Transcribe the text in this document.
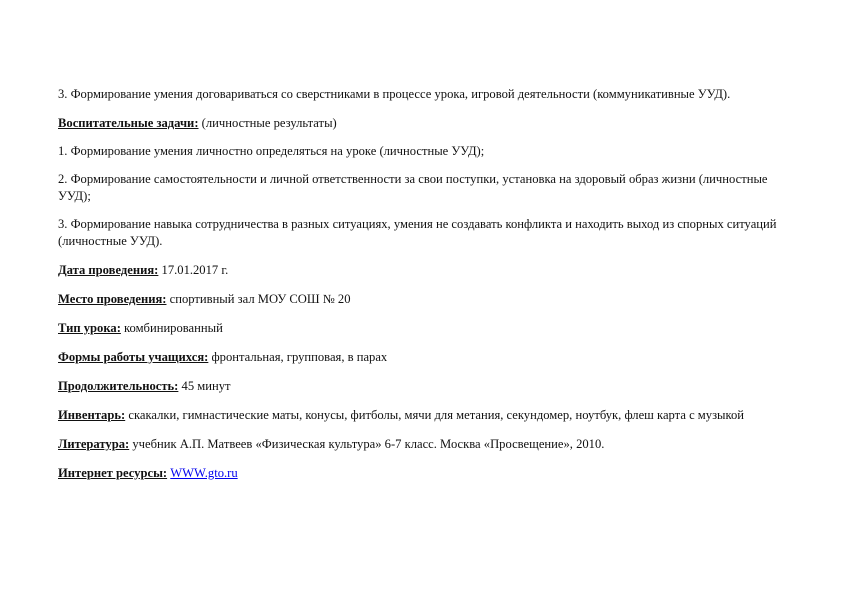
3. Формирование умения договариваться со сверстниками в процессе урока, игровой деятельности (коммуникативные УУД).

Воспитательные задачи: (личностные результаты)

1. Формирование умения личностно определяться на уроке (личностные УУД);

2. Формирование самостоятельности и личной ответственности за свои поступки, установка на здоровый образ жизни (личностные УУД);

3. Формирование навыка сотрудничества в разных ситуациях, умения не создавать конфликта и находить выход из спорных ситуаций (личностные УУД).

Дата проведения: 17.01.2017 г.

Место проведения: спортивный зал МОУ СОШ № 20

Тип урока: комбинированный

Формы работы учащихся: фронтальная, групповая, в парах

Продолжительность: 45 минут

Инвентарь: скакалки, гимнастические маты, конусы, фитболы, мячи для метания, секундомер, ноутбук, флеш карта с музыкой

Литература: учебник А.П. Матвеев «Физическая культура» 6-7 класс. Москва «Просвещение», 2010.

Интернет ресурсы: WWW.gto.ru
